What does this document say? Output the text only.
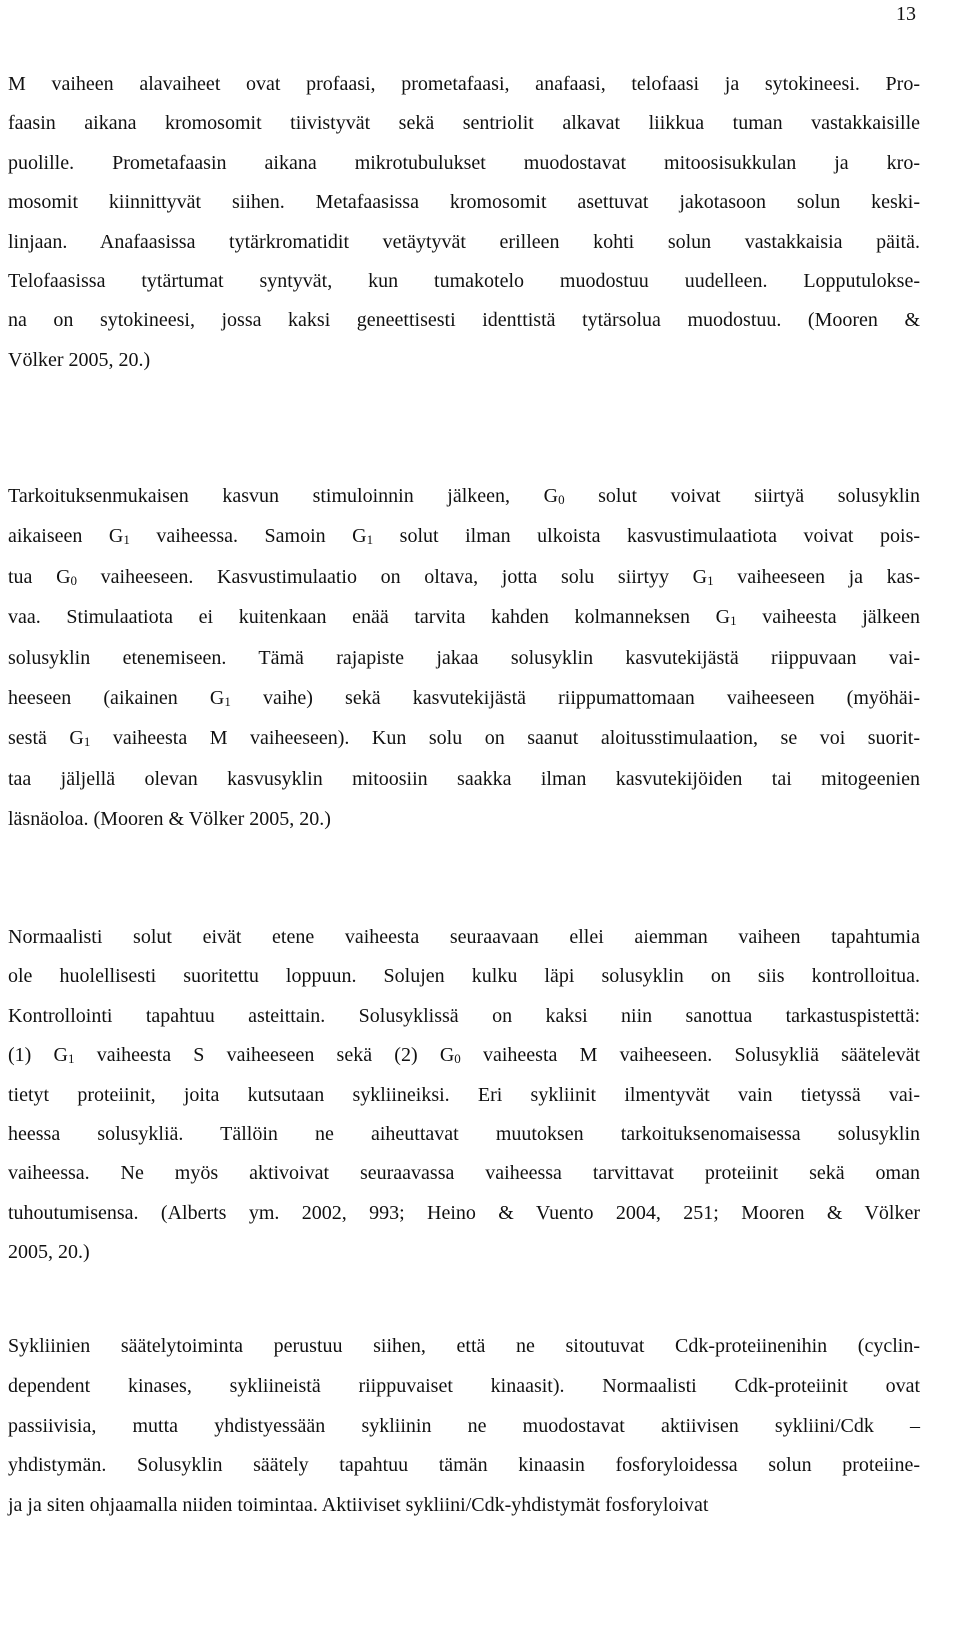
13
M vaiheen alavaiheet ovat profaasi, prometafaasi, anafaasi, telofaasi ja sytokineesi. Pro-
faasin aikana kromosomit tiivistyvät sekä sentriolit alkavat liikkua tuman vastakkaisille
puolille. Prometafaasin aikana mikrotubulukset muodostavat mitoosisukkulan ja kro-
mosomit kiinnittyvät siihen. Metafaasissa kromosomit asettuvat jakotasoon solun keski-
linjaan. Anafaasissa tytärkromatidit vetäytyvät erilleen kohti solun vastakkaisia päitä.
Telofaasissa tytärtumat syntyvät, kun tumakotelo muodostuu uudelleen. Lopputulokse-
na on sytokineesi, jossa kaksi geneettisesti identtistä tytärsolua muodostuu. (Mooren &
Völker 2005, 20.)
Tarkoituksenmukaisen kasvun stimuloinnin jälkeen, $G_0$ solut voivat siirtyä solusyklin
aikaiseen $G_1$ vaiheessa. Samoin $G_1$ solut ilman ulkoista kasvustimulaatiota voivat pois-
tua $G_0$ vaiheeseen. Kasvustimulaatio on oltava, jotta solu siirtyy $G_1$ vaiheeseen ja kas-
vaa. Stimulaatiota ei kuitenkaan enää tarvita kahden kolmanneksen $G_1$ vaiheesta jälkeen
solusyklin etenemiseen. Tämä rajapiste jakaa solusyklin kasvutekijästä riippuvaan vai-
heeseen (aikainen $G_1$ vaihe) sekä kasvutekijästä riippumattomaan vaiheeseen (myöhäi-
sestä $G_1$ vaiheesta M vaiheeseen). Kun solu on saanut aloitusstimulaation, se voi suorit-
taa jäljellä olevan kasvusyklin mitoosiin saakka ilman kasvutekijöiden tai mitogeenien
läsnäoloa. (Mooren & Völker 2005, 20.)
Normaalisti solut eivät etene vaiheesta seuraavaan ellei aiemman vaiheen tapahtumia
ole huolellisesti suoritettu loppuun. Solujen kulku läpi solusyklin on siis kontrolloitua.
Kontrollointi tapahtuu asteittain. Solusyklissä on kaksi niin sanottua tarkastuspistettä:
(1) $G_1$ vaiheesta S vaiheeseen sekä (2) $G_0$ vaiheesta M vaiheeseen. Solusykliä säätelevät
tietyt proteiinit, joita kutsutaan sykliineiksi. Eri sykliinit ilmentyvät vain tietyssä vai-
heessa solusykliä. Tällöin ne aiheuttavat muutoksen tarkoituksenomaisessa solusyklin
vaiheessa. Ne myös aktivoivat seuraavassa vaiheessa tarvittavat proteiinit sekä oman
tuhoutumisensa. (Alberts ym. 2002, 993; Heino & Vuento 2004, 251; Mooren & Völker
2005, 20.)
Sykliinien säätelytoiminta perustuu siihen, että ne sitoutuvat Cdk-proteiinenihin (cyclin-
dependent kinases, sykliineistä riippuvaiset kinaasit). Normaalisti Cdk-proteiinit ovat
passiivisia, mutta yhdistyessään sykliinin ne muodostavat aktiivisen sykliini/Cdk –
yhdistymän. Solusyklin säätely tapahtuu tämän kinaasin fosforyloidessa solun proteiine-
ja ja siten ohjaamalla niiden toimintaa. Aktiiviset sykliini/Cdk-yhdistymät fosforyloivat
